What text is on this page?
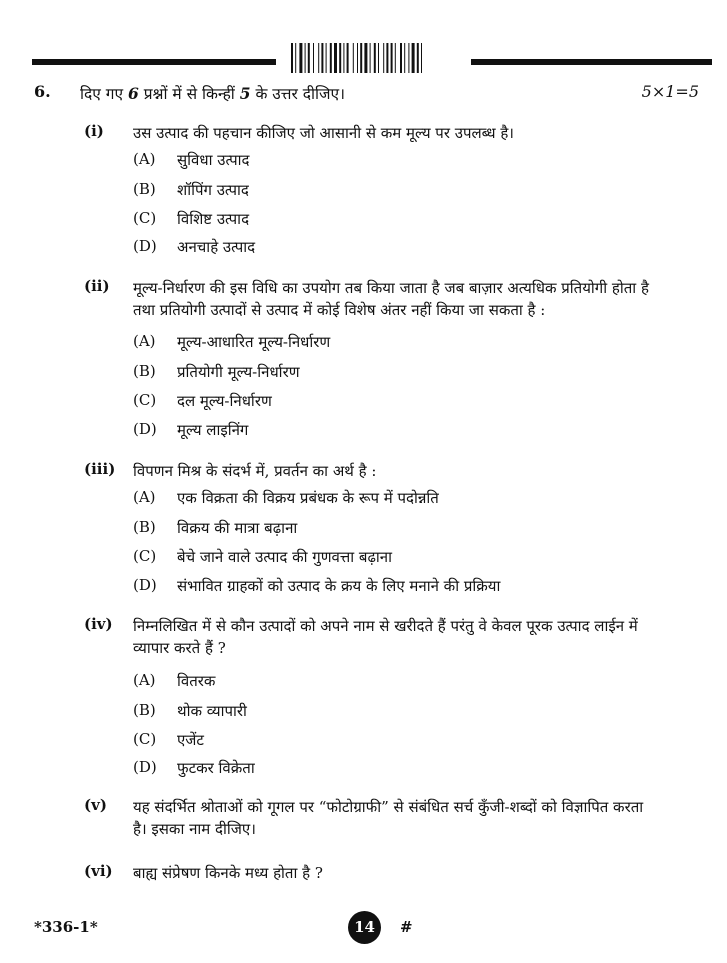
6. दिए गए 6 प्रश्नों में से किन्हीं 5 के उत्तर दीजिए।	5×1=5
(i) उस उत्पाद की पहचान कीजिए जो आसानी से कम मूल्य पर उपलब्ध है।
(A)	सुविधा उत्पाद
(B)	शॉपिंग उत्पाद
(C)	विशिष्ट उत्पाद
(D)	अनचाहे उत्पाद
(ii) मूल्य-निर्धारण की इस विधि का उपयोग तब किया जाता है जब बाज़ार अत्यधिक प्रतियोगी होता है तथा प्रतियोगी उत्पादों से उत्पाद में कोई विशेष अंतर नहीं किया जा सकता है :
(A)	मूल्य-आधारित मूल्य-निर्धारण
(B)	प्रतियोगी मूल्य-निर्धारण
(C)	दल मूल्य-निर्धारण
(D)	मूल्य लाइनिंग
(iii) विपणन मिश्र के संदर्भ में, प्रवर्तन का अर्थ है :
(A)	एक विक्रता की विक्रय प्रबंधक के रूप में पदोन्नति
(B)	विक्रय की मात्रा बढ़ाना
(C)	बेचे जाने वाले उत्पाद की गुणवत्ता बढ़ाना
(D)	संभावित ग्राहकों को उत्पाद के क्रय के लिए मनाने की प्रक्रिया
(iv) निम्नलिखित में से कौन उत्पादों को अपने नाम से खरीदते हैं परंतु वे केवल पूरक उत्पाद लाईन में व्यापार करते हैं ?
(A)	वितरक
(B)	थोक व्यापारी
(C)	एजेंट
(D)	फुटकर विक्रेता
(v) यह संदर्भित श्रोताओं को गूगल पर “फोटोग्राफी” से संबंधित सर्च कुँजी-शब्दों को विज्ञापित करता है। इसका नाम दीजिए।
(vi) बाह्य संप्रेषण किनके मध्य होता है ?
*336-1*	14	#
